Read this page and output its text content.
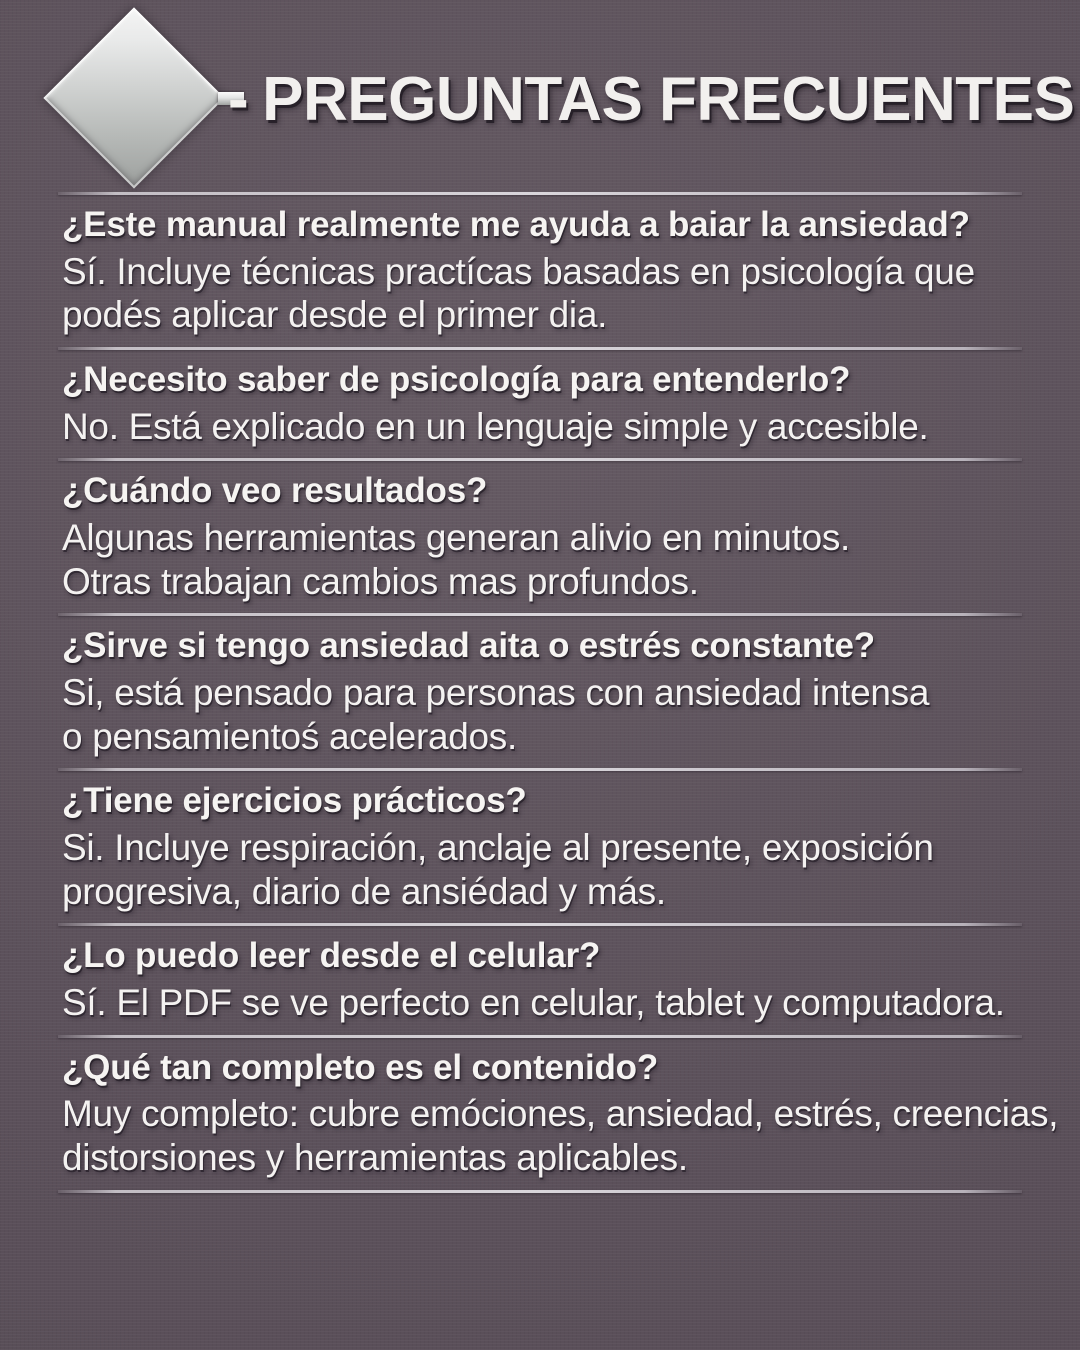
- PREGUNTAS FRECUENTES
¿Este manual realmente me ayuda a baiar la ansiedad?
Sí. Incluye técnicas practícas basadas en psicología que
podés aplicar desde el primer dia.
¿Necesito saber de psicología para entenderlo?
No. Está explicado en un lenguaje simple y accesible.
¿Cuándo veo resultados?
Algunas herramientas generan alivio en minutos.
Otras trabajan cambios mas profundos.
¿Sirve si tengo ansiedad aita o estrés constante?
Si, está pensado para personas con ansiedad intensa
o pensamientoś acelerados.
¿Tiene ejercicios prácticos?
Si. Incluye respiración, anclaje al presente, exposición
progresiva, diario de ansiédad y más.
¿Lo puedo leer desde el celular?
Sí. El PDF se ve perfecto en celular, tablet y computadora.
¿Qué tan completo es el contenido?
Muy completo: cubre emóciones, ansiedad, estrés, creencias,
distorsiones y herramientas aplicables.
